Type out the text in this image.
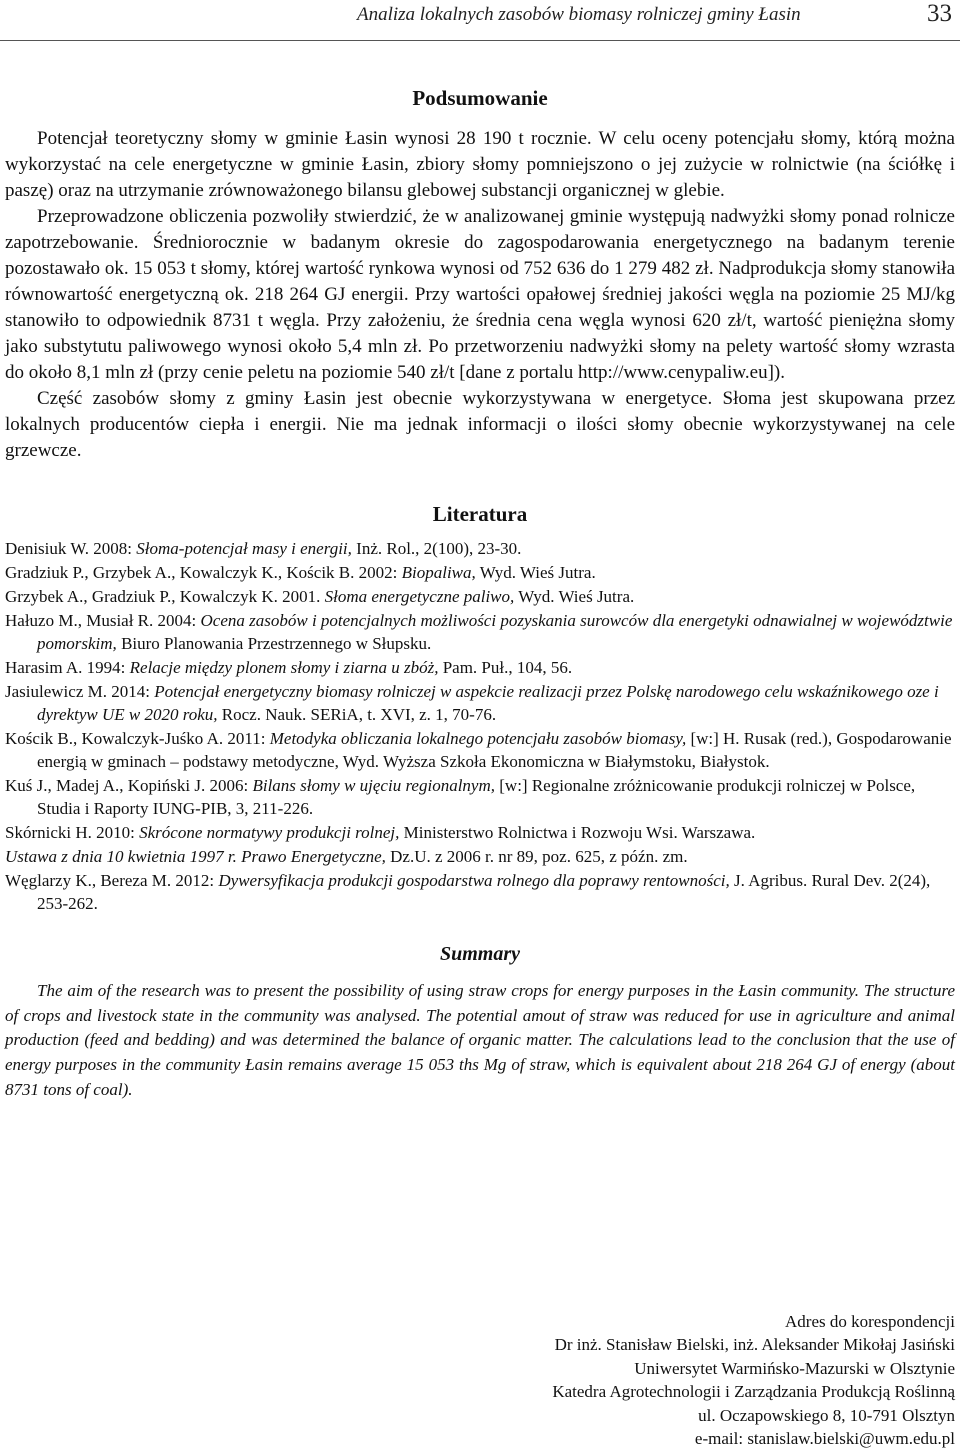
Analiza lokalnych zasobów biomasy rolniczej gminy Łasin	33
Podsumowanie

Potencjał teoretyczny słomy w gminie Łasin wynosi 28 190 t rocznie. W celu oceny potencjału słomy, którą można wykorzystać na cele energetyczne w gminie Łasin, zbiory słomy pomniejszono o jej zużycie w rolnictwie (na ściółkę i paszę) oraz na utrzymanie zrównoważonego bilansu glebowej substancji organicznej w glebie.

Przeprowadzone obliczenia pozwoliły stwierdzić, że w analizowanej gminie występują nadwyżki słomy ponad rolnicze zapotrzebowanie. Średniorocznie w badanym okresie do zagospodarowania energetycznego na badanym terenie pozostawało ok. 15 053 t słomy, której wartość rynkowa wynosi od 752 636 do 1 279 482 zł. Nadprodukcja słomy stanowiła równowartość energetyczną ok. 218 264 GJ energii. Przy wartości opałowej średniej jakości węgla na poziomie 25 MJ/kg stanowiło to odpowiednik 8731 t węgla. Przy założeniu, że średnia cena węgla wynosi 620 zł/t, wartość pieniężna słomy jako substytutu paliwowego wynosi około 5,4 mln zł. Po przetworzeniu nadwyżki słomy na pelety wartość słomy wzrasta do około 8,1 mln zł (przy cenie peletu na poziomie 540 zł/t [dane z portalu http://www.cenypaliw.eu]).

Część zasobów słomy z gminy Łasin jest obecnie wykorzystywana w energetyce. Słoma jest skupowana przez lokalnych producentów ciepła i energii. Nie ma jednak informacji o ilości słomy obecnie wykorzystywanej na cele grzewcze.

Literatura
Denisiuk W. 2008: Słoma-potencjał masy i energii, Inż. Rol., 2(100), 23-30.
Gradziuk P., Grzybek A., Kowalczyk K., Kościk B. 2002: Biopaliwa, Wyd. Wieś Jutra.
Grzybek A., Gradziuk P., Kowalczyk K. 2001. Słoma energetyczne paliwo, Wyd. Wieś Jutra.
Hałuzo M., Musiał R. 2004: Ocena zasobów i potencjalnych możliwości pozyskania surowców dla energetyki odnawialnej w województwie pomorskim, Biuro Planowania Przestrzennego w Słupsku.
Harasim A. 1994: Relacje między plonem słomy i ziarna u zbóż, Pam. Puł., 104, 56.
Jasiulewicz M. 2014: Potencjał energetyczny biomasy rolniczej w aspekcie realizacji przez Polskę narodowego celu wskaźnikowego oze i dyrektyw UE w 2020 roku, Rocz. Nauk. SERiA, t. XVI, z. 1, 70-76.
Kościk B., Kowalczyk-Juśko A. 2011: Metodyka obliczania lokalnego potencjału zasobów biomasy, [w:] H. Rusak (red.), Gospodarowanie energią w gminach – podstawy metodyczne, Wyd. Wyższa Szkoła Ekonomiczna w Białymstoku, Białystok.
Kuś J., Madej A., Kopiński J. 2006: Bilans słomy w ujęciu regionalnym, [w:] Regionalne zróżnicowanie produkcji rolniczej w Polsce, Studia i Raporty IUNG-PIB, 3, 211-226.
Skórnicki H. 2010: Skrócone normatywy produkcji rolnej, Ministerstwo Rolnictwa i Rozwoju Wsi. Warszawa.
Ustawa z dnia 10 kwietnia 1997 r. Prawo Energetyczne, Dz.U. z 2006 r. nr 89, poz. 625, z późn. zm.
Węglarzy K., Bereza M. 2012: Dywersyfikacja produkcji gospodarstwa rolnego dla poprawy rentowności, J. Agribus. Rural Dev. 2(24), 253-262.
Summary

The aim of the research was to present the possibility of using straw crops for energy purposes in the Łasin community. The structure of crops and livestock state in the community was analysed. The potential amout of straw was reduced for use in agriculture and animal production (feed and bedding) and was determined the balance of organic matter. The calculations lead to the conclusion that the use of energy purposes in the community Łasin remains average 15 053 ths Mg of straw, which is equivalent about 218 264 GJ of energy (about 8731 tons of coal).

Adres do korespondencji
Dr inż. Stanisław Bielski, inż. Aleksander Mikołaj Jasiński
Uniwersytet Warmińsko-Mazurski w Olsztynie
Katedra Agrotechnologii i Zarządzania Produkcją Roślinną
ul. Oczapowskiego 8, 10-791 Olsztyn
e-mail: stanislaw.bielski@uwm.edu.pl
